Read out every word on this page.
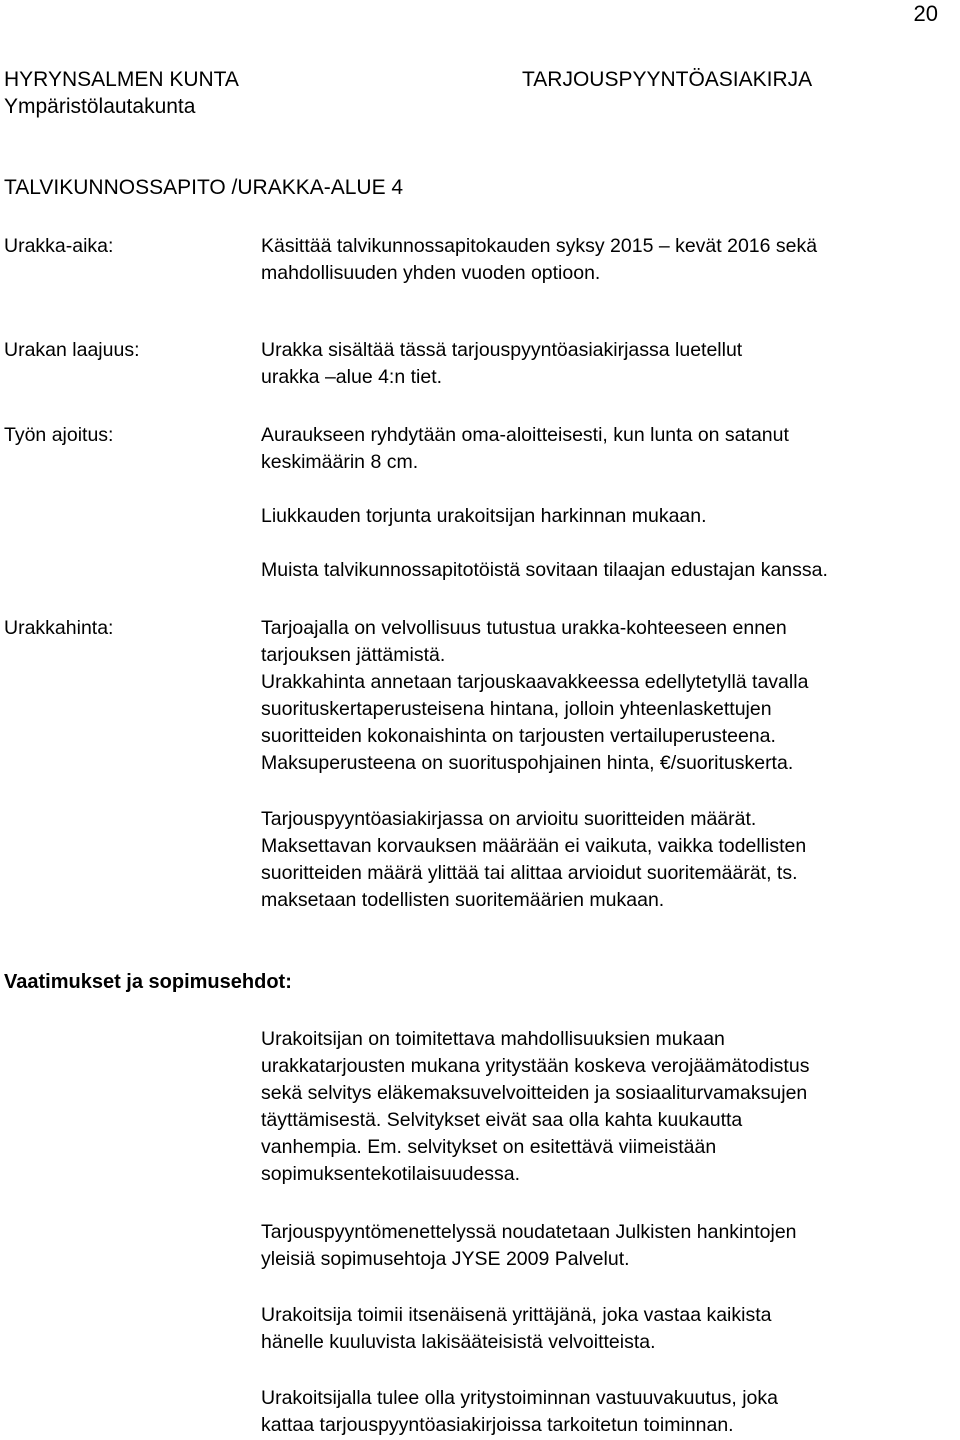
20
HYRYNSALMEN KUNTA
Ympäristölautakunta
TARJOUSPYYNTÖASIAKIRJA
TALVIKUNNOSSAPITO /URAKKA-ALUE 4
Urakka-aika:	Käsittää talvikunnossapitokauden syksy 2015 – kevät 2016 sekä
mahdollisuuden yhden vuoden optioon.
Urakan laajuus:	Urakka sisältää tässä tarjouspyyntöasiakirjassa luetellut
urakka –alue 4:n tiet.
Työn ajoitus:	Auraukseen ryhdytään oma-aloitteisesti, kun lunta on satanut
keskimäärin 8 cm.
Liukkauden torjunta urakoitsijan harkinnan mukaan.
Muista talvikunnossapitotöistä sovitaan tilaajan edustajan kanssa.
Urakkahinta:	Tarjoajalla on velvollisuus tutustua urakka-kohteeseen ennen
tarjouksen jättämistä.
Urakkahinta annetaan tarjouskaavakkeessa edellytetyllä tavalla
suorituskertaperusteisena hintana, jolloin yhteenlaskettujen
suoritteiden kokonaishinta on tarjousten vertailuperusteena.
Maksuperusteena on suorituspohjainen hinta, €/suorituskerta.
Tarjouspyyntöasiakirjassa on arvioitu suoritteiden määrät.
Maksettavan korvauksen määrään ei vaikuta, vaikka todellisten
suoritteiden määrä ylittää tai alittaa arvioidut suoritemäärät, ts.
maksetaan todellisten suoritemäärien mukaan.
Vaatimukset ja sopimusehdot:
Urakoitsijan on toimitettava mahdollisuuksien mukaan
urakkatarjousten mukana yritystään koskeva verojäämätodistus
sekä selvitys eläkemaksuvelvoitteiden ja sosiaaliturvamaksujen
täyttämisestä. Selvitykset eivät saa olla kahta kuukautta
vanhempia. Em. selvitykset on esitettävä viimeistään
sopimuksentekotilaisuudessa.
Tarjouspyyntömenettelyssä noudatetaan Julkisten hankintojen
yleisiä sopimusehtoja JYSE 2009 Palvelut.
Urakoitsija toimii itsenäisenä yrittäjänä, joka vastaa kaikista
hänelle kuuluvista lakisääteisistä velvoitteista.
Urakoitsijalla tulee olla yritystoiminnan vastuuvakuutus, joka
kattaa tarjouspyyntöasiakirjoissa tarkoitetun toiminnan.
